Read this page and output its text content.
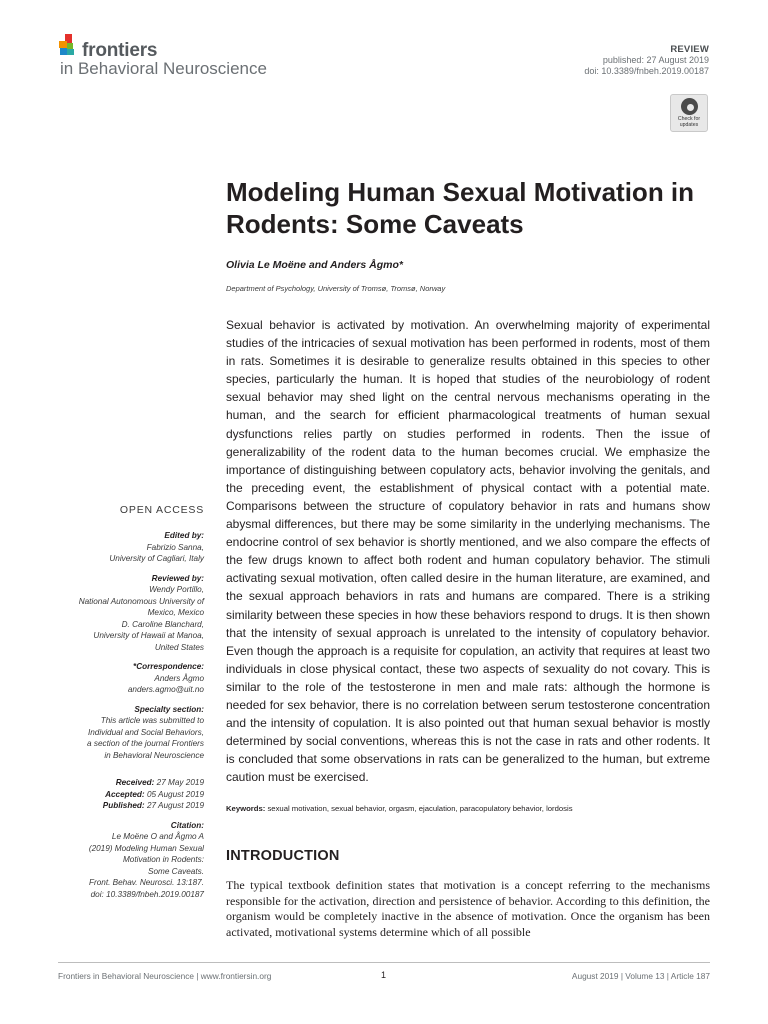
frontiers
in Behavioral Neuroscience
REVIEW
published: 27 August 2019
doi: 10.3389/fnbeh.2019.00187
Check for
updates
Modeling Human Sexual Motivation in Rodents: Some Caveats
Olivia Le Moëne and Anders Ågmo*
Department of Psychology, University of Tromsø, Tromsø, Norway
Sexual behavior is activated by motivation. An overwhelming majority of experimental studies of the intricacies of sexual motivation has been performed in rodents, most of them in rats. Sometimes it is desirable to generalize results obtained in this species to other species, particularly the human. It is hoped that studies of the neurobiology of rodent sexual behavior may shed light on the central nervous mechanisms operating in the human, and the search for efficient pharmacological treatments of human sexual dysfunctions relies partly on studies performed in rodents. Then the issue of generalizability of the rodent data to the human becomes crucial. We emphasize the importance of distinguishing between copulatory acts, behavior involving the genitals, and the preceding event, the establishment of physical contact with a potential mate. Comparisons between the structure of copulatory behavior in rats and humans show abysmal differences, but there may be some similarity in the underlying mechanisms. The endocrine control of sex behavior is shortly mentioned, and we also compare the effects of the few drugs known to affect both rodent and human copulatory behavior. The stimuli activating sexual motivation, often called desire in the human literature, are examined, and the sexual approach behaviors in rats and humans are compared. There is a striking similarity between these species in how these behaviors respond to drugs. It is then shown that the intensity of sexual approach is unrelated to the intensity of copulatory behavior. Even though the approach is a requisite for copulation, an activity that requires at least two individuals in close physical contact, these two aspects of sexuality do not covary. This is similar to the role of the testosterone in men and male rats: although the hormone is needed for sex behavior, there is no correlation between serum testosterone concentration and the intensity of copulation. It is also pointed out that human sexual behavior is mostly determined by social conventions, whereas this is not the case in rats and other rodents. It is concluded that some observations in rats can be generalized to the human, but extreme caution must be exercised.
Keywords: sexual motivation, sexual behavior, orgasm, ejaculation, paracopulatory behavior, lordosis
OPEN ACCESS
Edited by:
Fabrizio Sanna,
University of Cagliari, Italy
Reviewed by:
Wendy Portillo,
National Autonomous University of
Mexico, Mexico
D. Caroline Blanchard,
University of Hawaii at Manoa,
United States
*Correspondence:
Anders Ågmo
anders.agmo@uit.no
Specialty section:
This article was submitted to
Individual and Social Behaviors,
a section of the journal Frontiers
in Behavioral Neuroscience
Received: 27 May 2019
Accepted: 05 August 2019
Published: 27 August 2019
Citation:
Le Moëne O and Ågmo A
(2019) Modeling Human Sexual
Motivation in Rodents:
Some Caveats.
Front. Behav. Neurosci. 13:187.
doi: 10.3389/fnbeh.2019.00187
INTRODUCTION
The typical textbook definition states that motivation is a concept referring to the mechanisms responsible for the activation, direction and persistence of behavior. According to this definition, the organism would be completely inactive in the absence of motivation. Once the organism has been activated, motivational systems determine which of all possible
Frontiers in Behavioral Neuroscience | www.frontiersin.org	1	August 2019 | Volume 13 | Article 187
